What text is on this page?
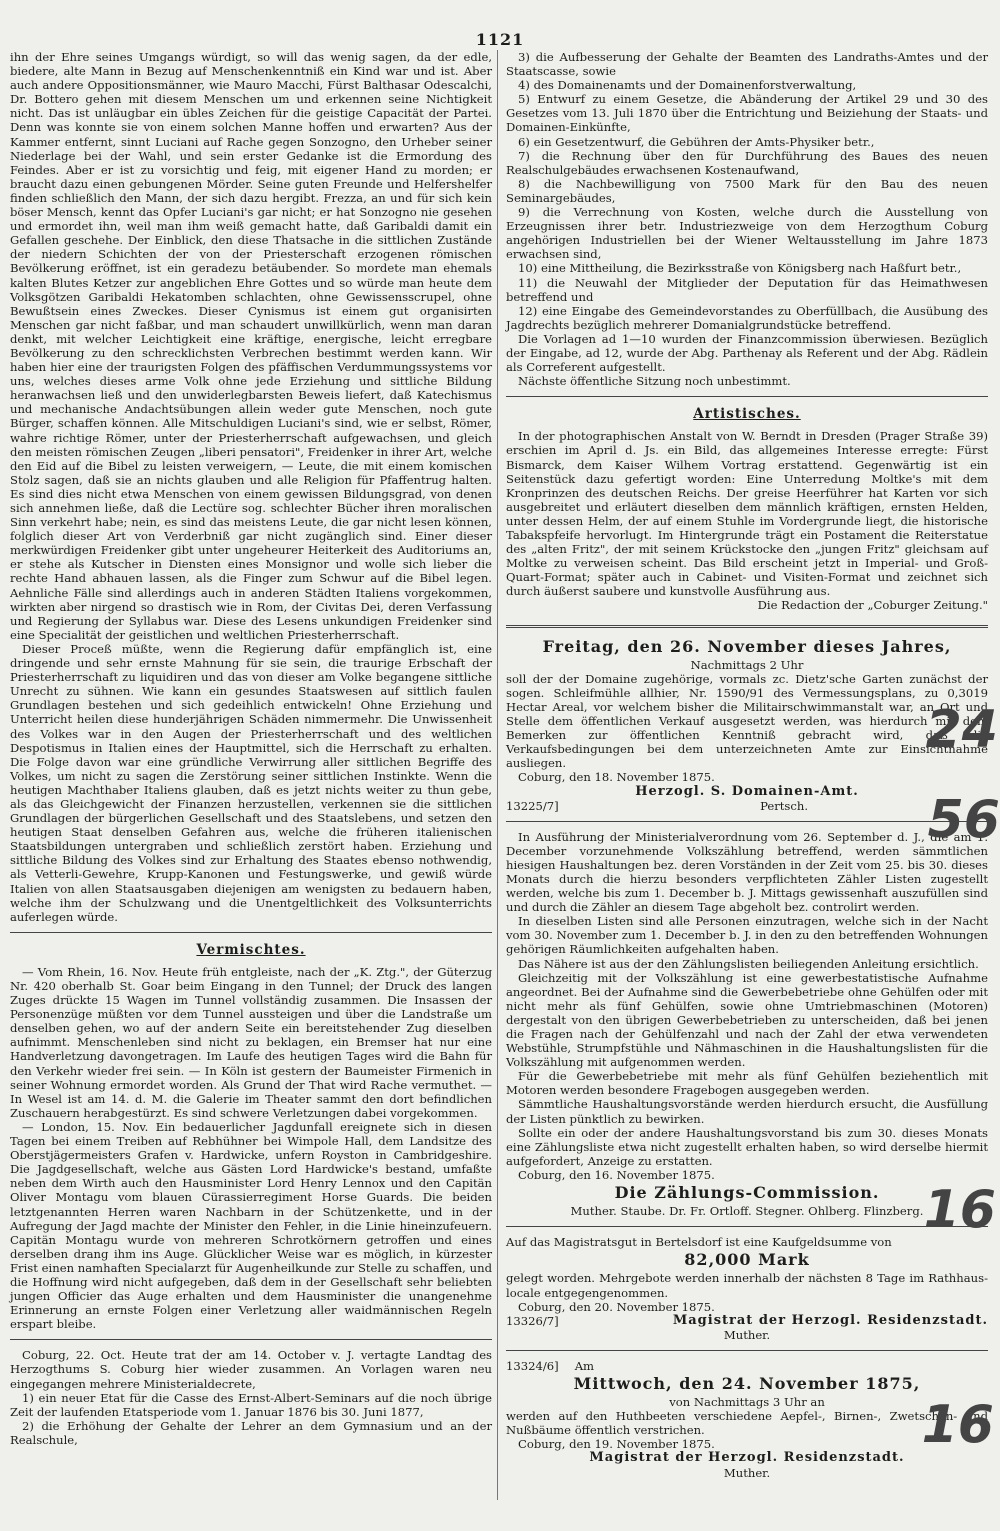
1121

ihn der Ehre seines Umgangs würdigt, so will das wenig sagen, da der edle, biedere, alte Mann in Bezug auf Menschenkenntniß ein Kind war und ist. Aber auch andere Oppositionsmänner, wie Mauro Macchi, Fürst Balthasar Odescalchi, Dr. Bottero gehen mit diesem Menschen um und erkennen seine Nichtigkeit nicht. Das ist unläugbar ein übles Zeichen für die geistige Capacität der Partei. Denn was konnte sie von einem solchen Manne hoffen und erwarten? Aus der Kammer entfernt, sinnt Luciani auf Rache gegen Sonzogno, den Urheber seiner Niederlage bei der Wahl, und sein erster Gedanke ist die Ermordung des Feindes. Aber er ist zu vorsichtig und feig, mit eigener Hand zu morden; er braucht dazu einen gebungenen Mörder. Seine guten Freunde und Helfershelfer finden schließlich den Mann, der sich dazu hergibt. Frezza, an und für sich kein böser Mensch, kennt das Opfer Luciani's gar nicht; er hat Sonzogno nie gesehen und ermordet ihn, weil man ihm weiß gemacht hatte, daß Garibaldi damit ein Gefallen geschehe. Der Einblick, den diese Thatsache in die sittlichen Zustände der niedern Schichten der von der Priesterschaft erzogenen römischen Bevölkerung eröffnet, ist ein geradezu betäubender. So mordete man ehemals kalten Blutes Ketzer zur angeblichen Ehre Gottes und so würde man heute dem Volksgötzen Garibaldi Hekatomben schlachten, ohne Gewissensscrupel, ohne Bewußtsein eines Zweckes. Dieser Cynismus ist einem gut organisirten Menschen gar nicht faßbar, und man schaudert unwillkürlich, wenn man daran denkt, mit welcher Leichtigkeit eine kräftige, energische, leicht erregbare Bevölkerung zu den schrecklichsten Verbrechen bestimmt werden kann. Wir haben hier eine der traurigsten Folgen des pfäffischen Verdummungssystems vor uns, welches dieses arme Volk ohne jede Erziehung und sittliche Bildung heranwachsen ließ und den unwiderlegbarsten Beweis liefert, daß Katechismus und mechanische Andachtsübungen allein weder gute Menschen, noch gute Bürger, schaffen können. Alle Mitschuldigen Luciani's sind, wie er selbst, Römer, wahre richtige Römer, unter der Priesterherrschaft aufgewachsen, und gleich den meisten römischen Zeugen „liberi pensatori", Freidenker in ihrer Art, welche den Eid auf die Bibel zu leisten verweigern, — Leute, die mit einem komischen Stolz sagen, daß sie an nichts glauben und alle Religion für Pfaffentrug halten. Es sind dies nicht etwa Menschen von einem gewissen Bildungsgrad, von denen sich annehmen ließe, daß die Lectüre sog. schlechter Bücher ihren moralischen Sinn verkehrt habe; nein, es sind das meistens Leute, die gar nicht lesen können, folglich dieser Art von Verderbniß gar nicht zugänglich sind. Einer dieser merkwürdigen Freidenker gibt unter ungeheurer Heiterkeit des Auditoriums an, er stehe als Kutscher in Diensten eines Monsignor und wolle sich lieber die rechte Hand abhauen lassen, als die Finger zum Schwur auf die Bibel legen. Aehnliche Fälle sind allerdings auch in anderen Städten Italiens vorgekommen, wirkten aber nirgend so drastisch wie in Rom, der Civitas Dei, deren Verfassung und Regierung der Syllabus war. Diese des Lesens unkundigen Freidenker sind eine Specialität der geistlichen und weltlichen Priesterherrschaft.

Dieser Proceß müßte, wenn die Regierung dafür empfänglich ist, eine dringende und sehr ernste Mahnung für sie sein, die traurige Erbschaft der Priesterherrschaft zu liquidiren und das von dieser am Volke begangene sittliche Unrecht zu sühnen. Wie kann ein gesundes Staatswesen auf sittlich faulen Grundlagen bestehen und sich gedeihlich entwickeln! Ohne Erziehung und Unterricht heilen diese hunderjährigen Schäden nimmermehr. Die Unwissenheit des Volkes war in den Augen der Priesterherrschaft und des weltlichen Despotismus in Italien eines der Hauptmittel, sich die Herrschaft zu erhalten. Die Folge davon war eine gründliche Verwirrung aller sittlichen Begriffe des Volkes, um nicht zu sagen die Zerstörung seiner sittlichen Instinkte. Wenn die heutigen Machthaber Italiens glauben, daß es jetzt nichts weiter zu thun gebe, als das Gleichgewicht der Finanzen herzustellen, verkennen sie die sittlichen Grundlagen der bürgerlichen Gesellschaft und des Staatslebens, und setzen den heutigen Staat denselben Gefahren aus, welche die früheren italienischen Staatsbildungen untergraben und schließlich zerstört haben. Erziehung und sittliche Bildung des Volkes sind zur Erhaltung des Staates ebenso nothwendig, als Vetterli-Gewehre, Krupp-Kanonen und Festungswerke, und gewiß würde Italien von allen Staatsausgaben diejenigen am wenigsten zu bedauern haben, welche ihm der Schulzwang und die Unentgeltlichkeit des Volksunterrichts auferlegen würde.

Vermischtes.

— Vom Rhein, 16. Nov. Heute früh entgleiste, nach der „K. Ztg.", der Güterzug Nr. 420 oberhalb St. Goar beim Eingang in den Tunnel; der Druck des langen Zuges drückte 15 Wagen im Tunnel vollständig zusammen. Die Insassen der Personenzüge müßten vor dem Tunnel aussteigen und über die Landstraße um denselben gehen, wo auf der andern Seite ein bereitstehender Zug dieselben aufnimmt. Menschenleben sind nicht zu beklagen, ein Bremser hat nur eine Handverletzung davongetragen. Im Laufe des heutigen Tages wird die Bahn für den Verkehr wieder frei sein. — In Köln ist gestern der Baumeister Firmenich in seiner Wohnung ermordet worden. Als Grund der That wird Rache vermuthet. — In Wesel ist am 14. d. M. die Galerie im Theater sammt den dort befindlichen Zuschauern herabgestürzt. Es sind schwere Verletzungen dabei vorgekommen.

— London, 15. Nov. Ein bedauerlicher Jagdunfall ereignete sich in diesen Tagen bei einem Treiben auf Rebhühner bei Wimpole Hall, dem Landsitze des Oberstjägermeisters Grafen v. Hardwicke, unfern Royston in Cambridgeshire. Die Jagdgesellschaft, welche aus Gästen Lord Hardwicke's bestand, umfaßte neben dem Wirth auch den Hausminister Lord Henry Lennox und den Capitän Oliver Montagu vom blauen Cürassierregiment Horse Guards. Die beiden letztgenannten Herren waren Nachbarn in der Schützenkette, und in der Aufregung der Jagd machte der Minister den Fehler, in die Linie hineinzufeuern. Capitän Montagu wurde von mehreren Schrotkörnern getroffen und eines derselben drang ihm ins Auge. Glücklicher Weise war es möglich, in kürzester Frist einen namhaften Specialarzt für Augenheilkunde zur Stelle zu schaffen, und die Hoffnung wird nicht aufgegeben, daß dem in der Gesellschaft sehr beliebten jungen Officier das Auge erhalten und dem Hausminister die unangenehme Erinnerung an ernste Folgen einer Verletzung aller waidmännischen Regeln erspart bleibe.

Coburg, 22. Oct. Heute trat der am 14. October v. J. vertagte Landtag des Herzogthums S. Coburg hier wieder zusammen. An Vorlagen waren neu eingegangen mehrere Ministerialdecrete,

1) ein neuer Etat für die Casse des Ernst-Albert-Seminars auf die noch übrige Zeit der laufenden Etatsperiode vom 1. Januar 1876 bis 30. Juni 1877,

2) die Erhöhung der Gehalte der Lehrer an dem Gymnasium und an der Realschule,

3) die Aufbesserung der Gehalte der Beamten des Landraths-Amtes und der Staatscasse, sowie

4) des Domainenamts und der Domainenforstverwaltung,

5) Entwurf zu einem Gesetze, die Abänderung der Artikel 29 und 30 des Gesetzes vom 13. Juli 1870 über die Entrichtung und Beiziehung der Staats- und Domainen-Einkünfte,

6) ein Gesetzentwurf, die Gebühren der Amts-Physiker betr.,

7) die Rechnung über den für Durchführung des Baues des neuen Realschulgebäudes erwachsenen Kostenaufwand,

8) die Nachbewilligung von 7500 Mark für den Bau des neuen Seminargebäudes,

9) die Verrechnung von Kosten, welche durch die Ausstellung von Erzeugnissen ihrer betr. Industriezweige von dem Herzogthum Coburg angehörigen Industriellen bei der Wiener Weltausstellung im Jahre 1873 erwachsen sind,

10) eine Mittheilung, die Bezirksstraße von Königsberg nach Haßfurt betr.,

11) die Neuwahl der Mitglieder der Deputation für das Heimathwesen betreffend und

12) eine Eingabe des Gemeindevorstandes zu Oberfüllbach, die Ausübung des Jagdrechts bezüglich mehrerer Domanialgrundstücke betreffend.

Die Vorlagen ad 1—10 wurden der Finanzcommission überwiesen. Bezüglich der Eingabe, ad 12, wurde der Abg. Parthenay als Referent und der Abg. Rädlein als Correferent aufgestellt.

Nächste öffentliche Sitzung noch unbestimmt.

Artistisches.

In der photographischen Anstalt von W. Berndt in Dresden (Prager Straße 39) erschien im April d. Js. ein Bild, das allgemeines Interesse erregte: Fürst Bismarck, dem Kaiser Wilhem Vortrag erstattend. Gegenwärtig ist ein Seitenstück dazu gefertigt worden: Eine Unterredung Moltke's mit dem Kronprinzen des deutschen Reichs. Der greise Heerführer hat Karten vor sich ausgebreitet und erläutert dieselben dem männlich kräftigen, ernsten Helden, unter dessen Helm, der auf einem Stuhle im Vordergrunde liegt, die historische Tabakspfeife hervorlugt. Im Hintergrunde trägt ein Postament die Reiterstatue des „alten Fritz", der mit seinem Krückstocke den „jungen Fritz" gleichsam auf Moltke zu verweisen scheint. Das Bild erscheint jetzt in Imperial- und Groß-Quart-Format; später auch in Cabinet- und Visiten-Format und zeichnet sich durch äußerst saubere und kunstvolle Ausführung aus.

Die Redaction der „Coburger Zeitung."

Freitag, den 26. November dieses Jahres,
Nachmittags 2 Uhr

soll der der Domaine zugehörige, vormals zc. Dietz'sche Garten zunächst der sogen. Schleifmühle allhier, Nr. 1590/91 des Vermessungsplans, zu 0,3019 Hectar Areal, vor welchem bisher die Militairschwimmanstalt war, an Ort und Stelle dem öffentlichen Verkauf ausgesetzt werden, was hierdurch mit dem Bemerken zur öffentlichen Kenntniß gebracht wird, daß die Verkaufsbedingungen bei dem unterzeichneten Amte zur Einsichtnahme ausliegen.

Coburg, den 18. November 1875.

Herzogl. S. Domainen-Amt.
13225/7]	Pertsch.

In Ausführung der Ministerialverordnung vom 26. September d. J., die am 1. December vorzunehmende Volkszählung betreffend, werden sämmtlichen hiesigen Haushaltungen bez. deren Vorständen in der Zeit vom 25. bis 30. dieses Monats durch die hierzu besonders verpflichteten Zähler Listen zugestellt werden, welche bis zum 1. December b. J. Mittags gewissenhaft auszufüllen sind und durch die Zähler an diesem Tage abgeholt bez. controlirt werden.

In dieselben Listen sind alle Personen einzutragen, welche sich in der Nacht vom 30. November zum 1. December b. J. in den zu den betreffenden Wohnungen gehörigen Räumlichkeiten aufgehalten haben.

Das Nähere ist aus der den Zählungslisten beiliegenden Anleitung ersichtlich.

Gleichzeitig mit der Volkszählung ist eine gewerbestatistische Aufnahme angeordnet. Bei der Aufnahme sind die Gewerbebetriebe ohne Gehülfen oder mit nicht mehr als fünf Gehülfen, sowie ohne Umtriebmaschinen (Motoren) dergestalt von den übrigen Gewerbebetrieben zu unterscheiden, daß bei jenen die Fragen nach der Gehülfenzahl und nach der Zahl der etwa verwendeten Webstühle, Strumpfstühle und Nähmaschinen in die Haushaltungslisten für die Volkszählung mit aufgenommen werden.

Für die Gewerbebetriebe mit mehr als fünf Gehülfen beziehentlich mit Motoren werden besondere Fragebogen ausgegeben werden.

Sämmtliche Haushaltungsvorstände werden hierdurch ersucht, die Ausfüllung der Listen pünktlich zu bewirken.

Sollte ein oder der andere Haushaltungsvorstand bis zum 30. dieses Monats eine Zählungsliste etwa nicht zugestellt erhalten haben, so wird derselbe hiermit aufgefordert, Anzeige zu erstatten.

Coburg, den 16. November 1875.

Die Zählungs-Commission.
Muther. Staube. Dr. Fr. Ortloff. Stegner. Ohlberg. Flinzberg.

Auf das Magistratsgut in Bertelsdorf ist eine Kaufgeldsumme von

82,000 Mark

gelegt worden. Mehrgebote werden innerhalb der nächsten 8 Tage im Rathhaus-locale entgegengenommen.

Coburg, den 20. November 1875.

13326/7]	Magistrat der Herzogl. Residenzstadt.
Muther.
13324/6] Am
Mittwoch, den 24. November 1875,
von Nachmittags 3 Uhr an

werden auf den Huthbeeten verschiedene Aepfel-, Birnen-, Zwetschen- und Nußbäume öffentlich verstrichen.

Coburg, den 19. November 1875.

Magistrat der Herzogl. Residenzstadt.
Muther.
24
56
16
16
